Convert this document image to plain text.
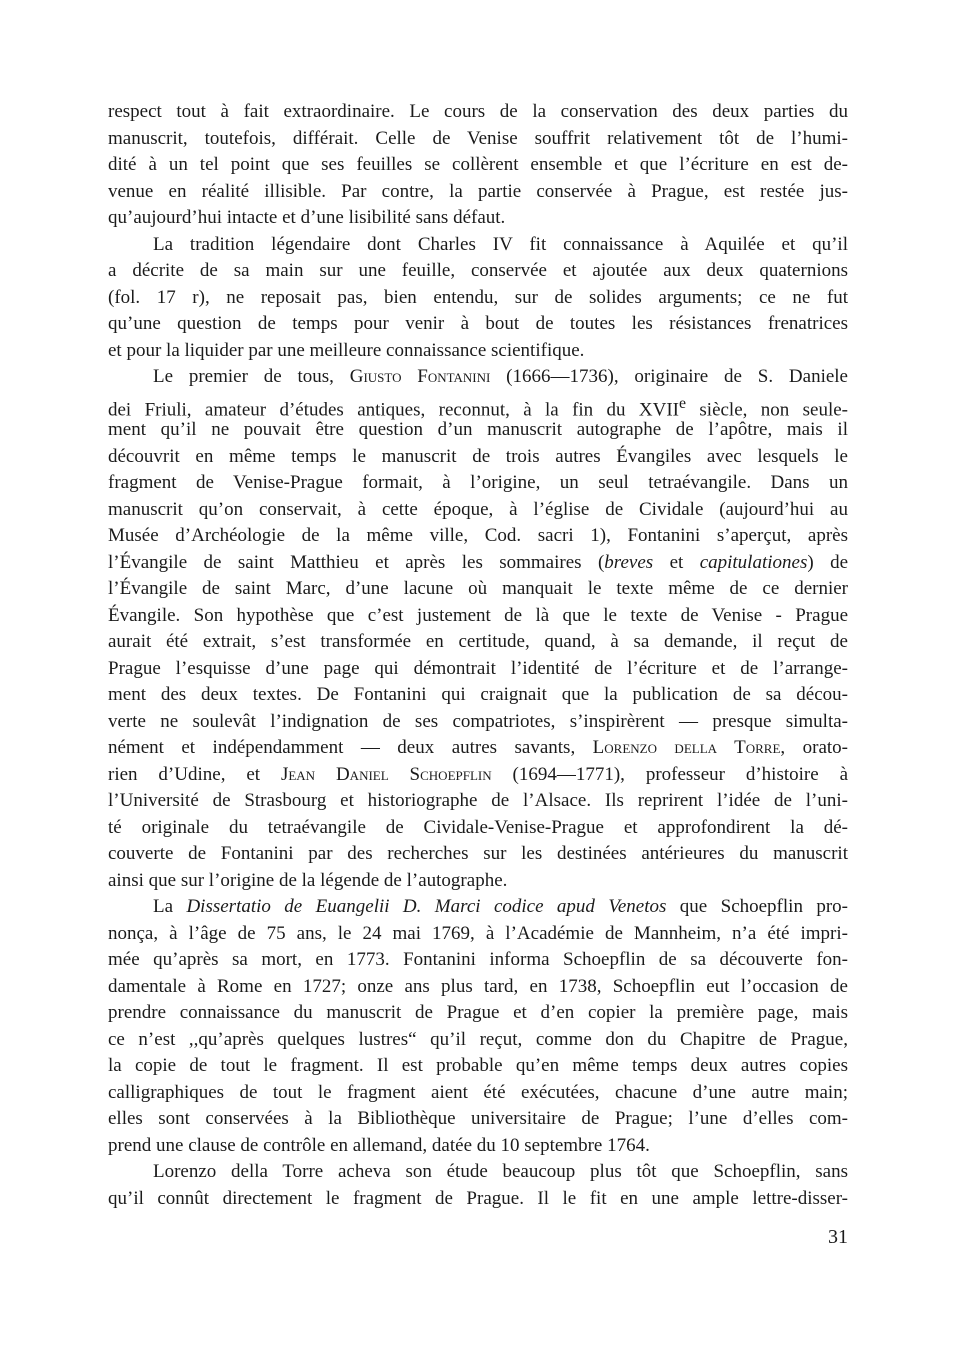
respect tout à fait extraordinaire. Le cours de la conservation des deux parties du
manuscrit, toutefois, différait. Celle de Venise souffrit relativement tôt de l’humi-
dité à un tel point que ses feuilles se collèrent ensemble et que l’écriture en est de-
venue en réalité illisible. Par contre, la partie conservée à Prague, est restée jus-
qu’aujourd’hui intacte et d’une lisibilité sans défaut.
La tradition légendaire dont Charles IV fit connaissance à Aquilée et qu’il
a décrite de sa main sur une feuille, conservée et ajoutée aux deux quaternions
(fol. 17 r), ne reposait pas, bien entendu, sur de solides arguments; ce ne fut
qu’une question de temps pour venir à bout de toutes les résistances frenatrices
et pour la liquider par une meilleure connaissance scientifique.
Le premier de tous, Giusto Fontanini (1666—1736), originaire de S. Daniele
dei Friuli, amateur d’études antiques, reconnut, à la fin du XVIIe siècle, non seule-
ment qu’il ne pouvait être question d’un manuscrit autographe de l’apôtre, mais il
découvrit en même temps le manuscrit de trois autres Évangiles avec lesquels le
fragment de Venise-Prague formait, à l’origine, un seul tetraévangile. Dans un
manuscrit qu’on conservait, à cette époque, à l’église de Cividale (aujourd’hui au
Musée d’Archéologie de la même ville, Cod. sacri 1), Fontanini s’aperçut, après
l’Évangile de saint Matthieu et après les sommaires (breves et capitulationes) de
l’Évangile de saint Marc, d’une lacune où manquait le texte même de ce dernier
Évangile. Son hypothèse que c’est justement de là que le texte de Venise - Prague
aurait été extrait, s’est transformée en certitude, quand, à sa demande, il reçut de
Prague l’esquisse d’une page qui démontrait l’identité de l’écriture et de l’arrange-
ment des deux textes. De Fontanini qui craignait que la publication de sa décou-
verte ne soulevât l’indignation de ses compatriotes, s’inspirèrent — presque simulta-
nément et indépendamment — deux autres savants, Lorenzo della Torre, orato-
rien d’Udine, et Jean Daniel Schoepflin (1694—1771), professeur d’histoire à
l’Université de Strasbourg et historiographe de l’Alsace. Ils reprirent l’idée de l’uni-
té originale du tetraévangile de Cividale-Venise-Prague et approfondirent la dé-
couverte de Fontanini par des recherches sur les destinées antérieures du manuscrit
ainsi que sur l’origine de la légende de l’autographe.
La Dissertatio de Euangelii D. Marci codice apud Venetos que Schoepflin pro-
nonça, à l’âge de 75 ans, le 24 mai 1769, à l’Académie de Mannheim, n’a été impri-
mée qu’après sa mort, en 1773. Fontanini informa Schoepflin de sa découverte fon-
damentale à Rome en 1727; onze ans plus tard, en 1738, Schoepflin eut l’occasion de
prendre connaissance du manuscrit de Prague et d’en copier la première page, mais
ce n’est ,,qu’après quelques lustres“ qu’il reçut, comme don du Chapitre de Prague,
la copie de tout le fragment. Il est probable qu’en même temps deux autres copies
calligraphiques de tout le fragment aient été exécutées, chacune d’une autre main;
elles sont conservées à la Bibliothèque universitaire de Prague; l’une d’elles com-
prend une clause de contrôle en allemand, datée du 10 septembre 1764.
Lorenzo della Torre acheva son étude beaucoup plus tôt que Schoepflin, sans
qu’il connût directement le fragment de Prague. Il le fit en une ample lettre-disser-
31
